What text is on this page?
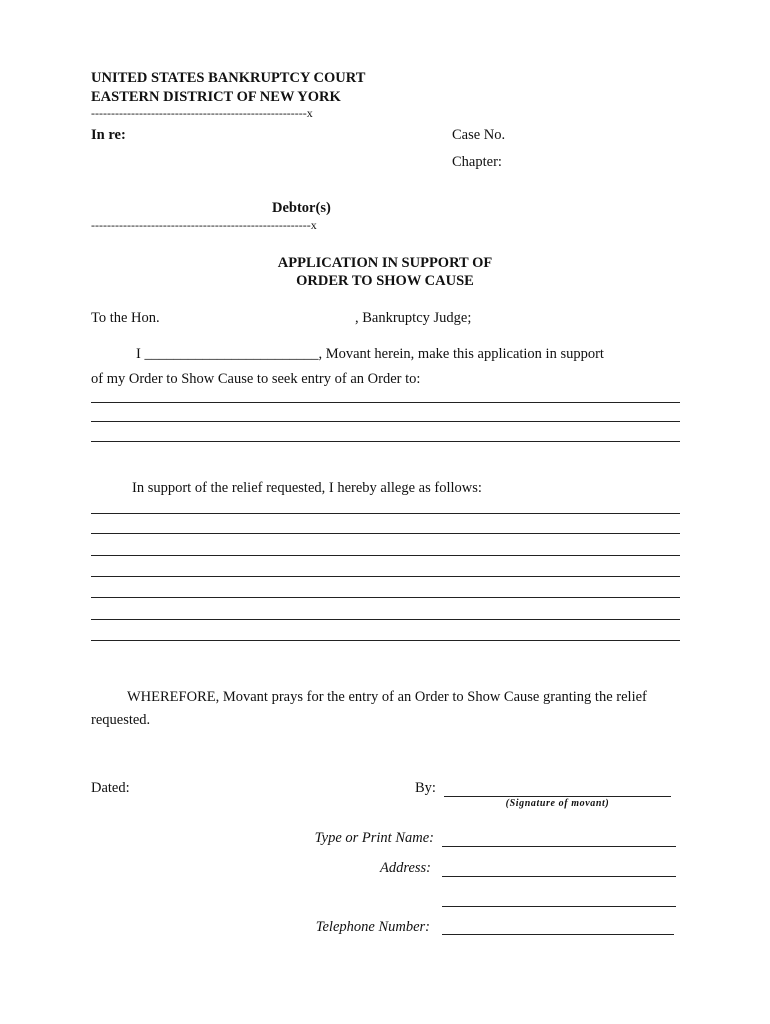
UNITED STATES BANKRUPTCY COURT
EASTERN DISTRICT OF NEW YORK
------------------------------------------------------x
In re:	Case No.
Chapter:
Debtor(s)
-------------------------------------------------------x
APPLICATION IN SUPPORT OF
ORDER TO SHOW CAUSE
To the Hon.	, Bankruptcy Judge;
I ________________________, Movant herein, make this application in support
of my Order to Show Cause to seek entry of an Order to:
In support of the relief requested, I hereby allege as follows:
WHEREFORE, Movant prays for the entry of an Order to Show Cause granting the relief
requested.
Dated:	By:
(Signature of movant)
Type or Print Name:
Address:
Telephone Number:
